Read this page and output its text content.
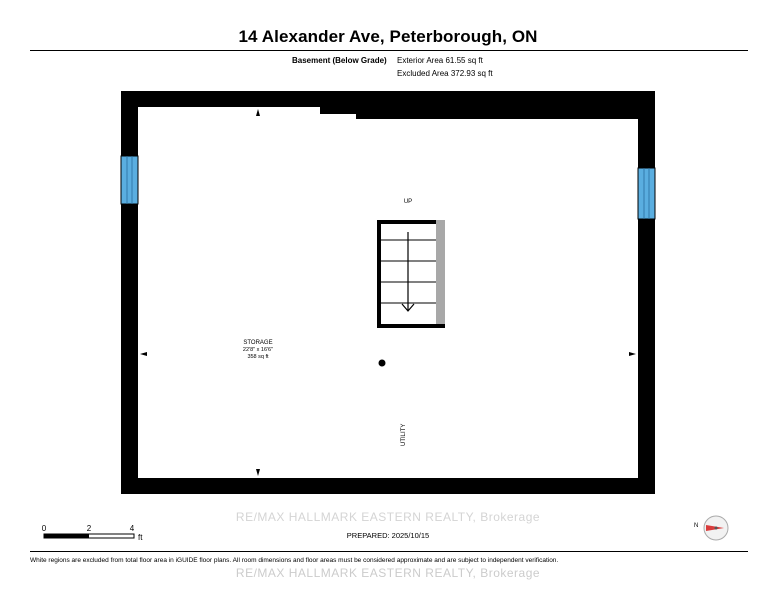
14 Alexander Ave, Peterborough, ON
Basement (Below Grade) Exterior Area 61.55 sq ft
Excluded Area 372.93 sq ft
UP
STORAGE
22'8" x 16'6"
358 sq ft
UTILITY
0	2	4
ft
N
RE/MAX HALLMARK EASTERN REALTY, Brokerage
PREPARED: 2025/10/15
White regions are excluded from total floor area in iGUIDE floor plans. All room dimensions and floor areas must be considered approximate and are subject to independent verification.
RE/MAX HALLMARK EASTERN REALTY, Brokerage
